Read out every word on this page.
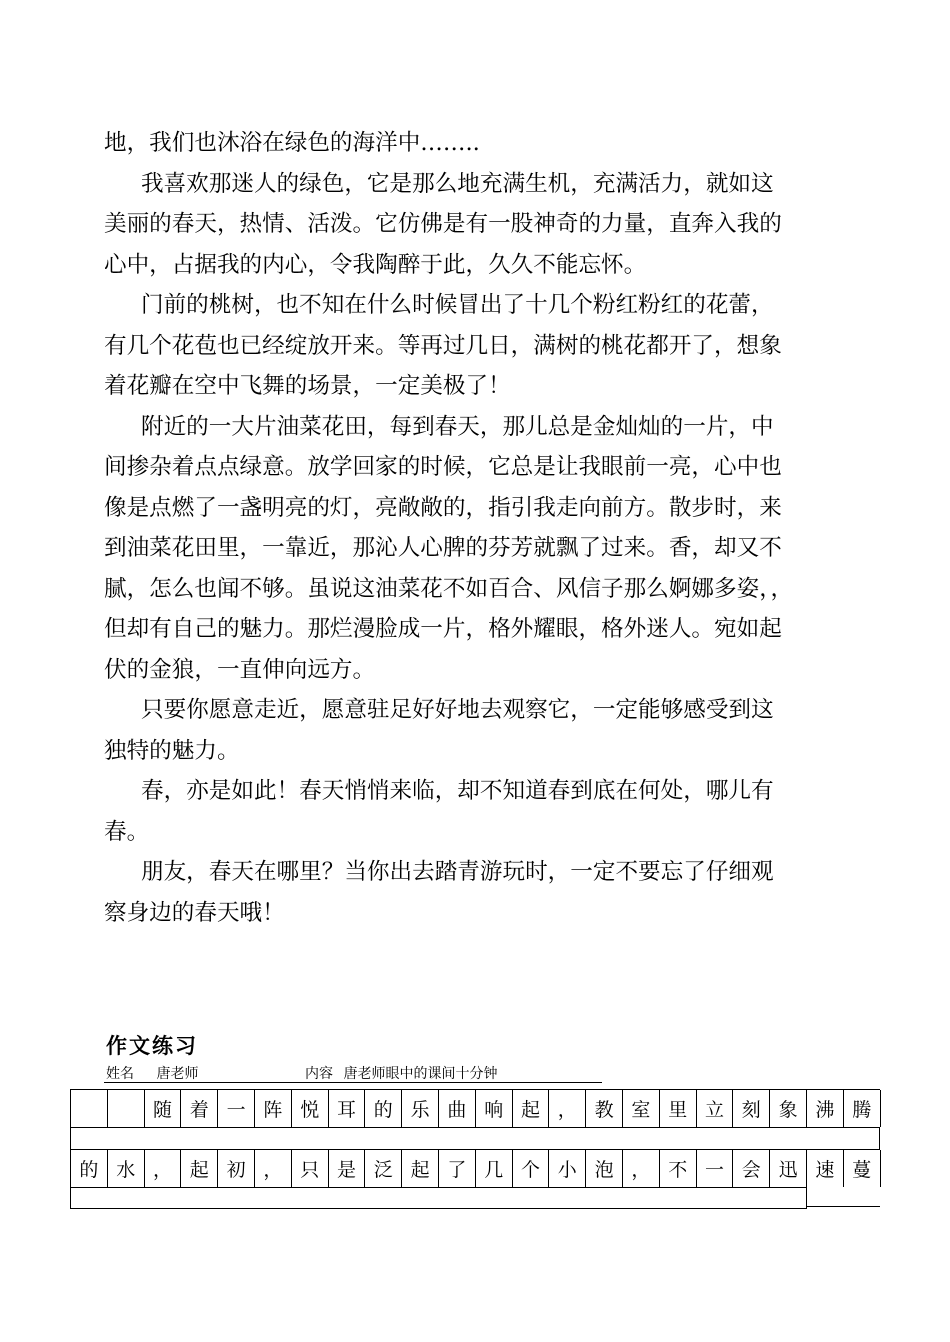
地，我们也沐浴在绿色的海洋中……..

我喜欢那迷人的绿色，它是那么地充满生机，充满活力，就如这
美丽的春天，热情、活泼。它仿佛是有一股神奇的力量，直奔入我的
心中，占据我的内心，令我陶醉于此，久久不能忘怀。

门前的桃树，也不知在什么时候冒出了十几个粉红粉红的花蕾，
有几个花苞也已经绽放开来。等再过几日，满树的桃花都开了，想象
着花瓣在空中飞舞的场景，一定美极了！

附近的一大片油菜花田，每到春天，那儿总是金灿灿的一片，中
间掺杂着点点绿意。放学回家的时候，它总是让我眼前一亮，心中也
像是点燃了一盏明亮的灯，亮敞敞的，指引我走向前方。散步时，来
到油菜花田里，一靠近，那沁人心脾的芬芳就飘了过来。香，却又不
腻，怎么也闻不够。虽说这油菜花不如百合、风信子那么婀娜多姿，，
但却有自己的魅力。那烂漫脸成一片，格外耀眼，格外迷人。宛如起
伏的金狼，一直伸向远方。

只要你愿意走近，愿意驻足好好地去观察它，一定能够感受到这
独特的魅力。

春，亦是如此！春天悄悄来临，却不知道春到底在何处，哪儿有
春。

朋友，春天在哪里？当你出去踏青游玩时，一定不要忘了仔细观
察身边的春天哦！

作文练习
姓名 唐老师	内容 唐老师眼中的课间十分钟
随 着 一 阵 悦 耳 的 乐 曲 响 起 ， 教 室 里 立 刻 象 沸 腾
的 水 ， 起 初 ， 只 是 泛 起 了 几 个 小 泡 ， 不 一 会 迅 速 蔓
